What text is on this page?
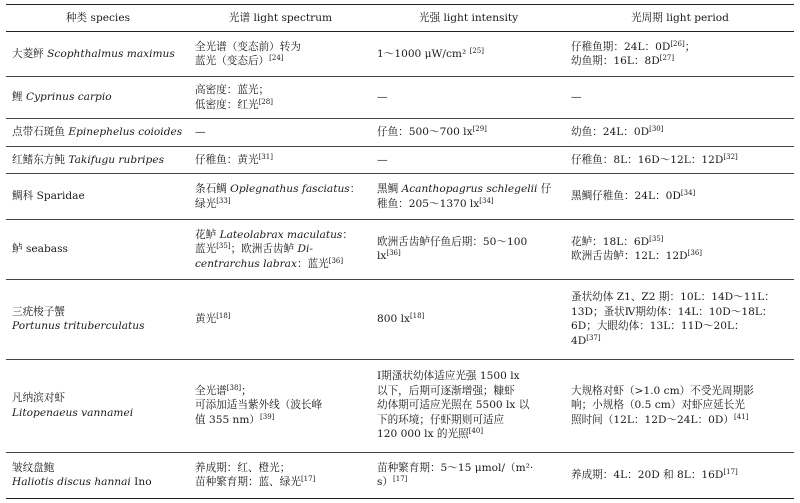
种类 species	光谱 light spectrum	光强 light intensity	光周期 light period
大菱鲆 Scophthalmus maximus	全光谱（变态前）转为
蓝光（变态后）[24]	1～1000 μW/cm² [25]	仔稚鱼期：24L：0D[26]；
幼鱼期：16L：8D[27]

鲤 Cyprinus carpio	高密度：蓝光；
低密度：红光[28]	—	—

点带石斑鱼 Epinephelus coioides	—	仔鱼：500～700 lx[29]	幼鱼：24L：0D[30]

红鳍东方鲀 Takifugu rubripes	仔稚鱼：黄光[31]	—	仔稚鱼：8L：16D～12L：12D[32]

鲷科 Sparidae	条石鲷 Oplegnathus fasciatus：
绿光[33]	黑鲷 Acanthopagrus schlegelii 仔
稚鱼：205～1370 lx[34]	黑鲷仔稚鱼：24L：0D[34]

鲈 seabass	花鲈 Lateolabrax maculatus：
蓝光[35]；欧洲舌齿鲈 Di-
centrarchus labrax：蓝光[36]	欧洲舌齿鲈仔鱼后期：50～100
lx[36]	花鲈：18L：6D[35]
欧洲舌齿鲈：12L：12D[36]

三疣梭子蟹
Portunus trituberculatus	黄光[18]	800 lx[18]	蚤状幼体 Z1、Z2 期：10L：14D～11L：
13D；蚤状Ⅳ期幼体：14L：10D～18L：
6D；大眼幼体：13L：11D～20L：
4D[37]

凡纳滨对虾
Litopenaeus vannamei	全光谱[38]；
可添加适当紫外线（波长峰
值 355 nm）[39]	Ⅰ期溞状幼体适应光强 1500 lx
以下，后期可逐渐增强；糠虾
幼体期可适应光照在 5500 lx 以
下的环境；仔虾期则可适应
120 000 lx 的光照[40]	大规格对虾（>1.0 cm）不受光周期影
响；小规格（0.5 cm）对虾应延长光
照时间（12L：12D～24L：0D）[41]

皱纹盘鲍
Haliotis discus hannai Ino	养成期：红、橙光；
苗种繁育期：蓝、绿光[17]	苗种繁育期：5～15 μmol/（m²·
s）[17]	养成期：4L：20D 和 8L：16D[17]
